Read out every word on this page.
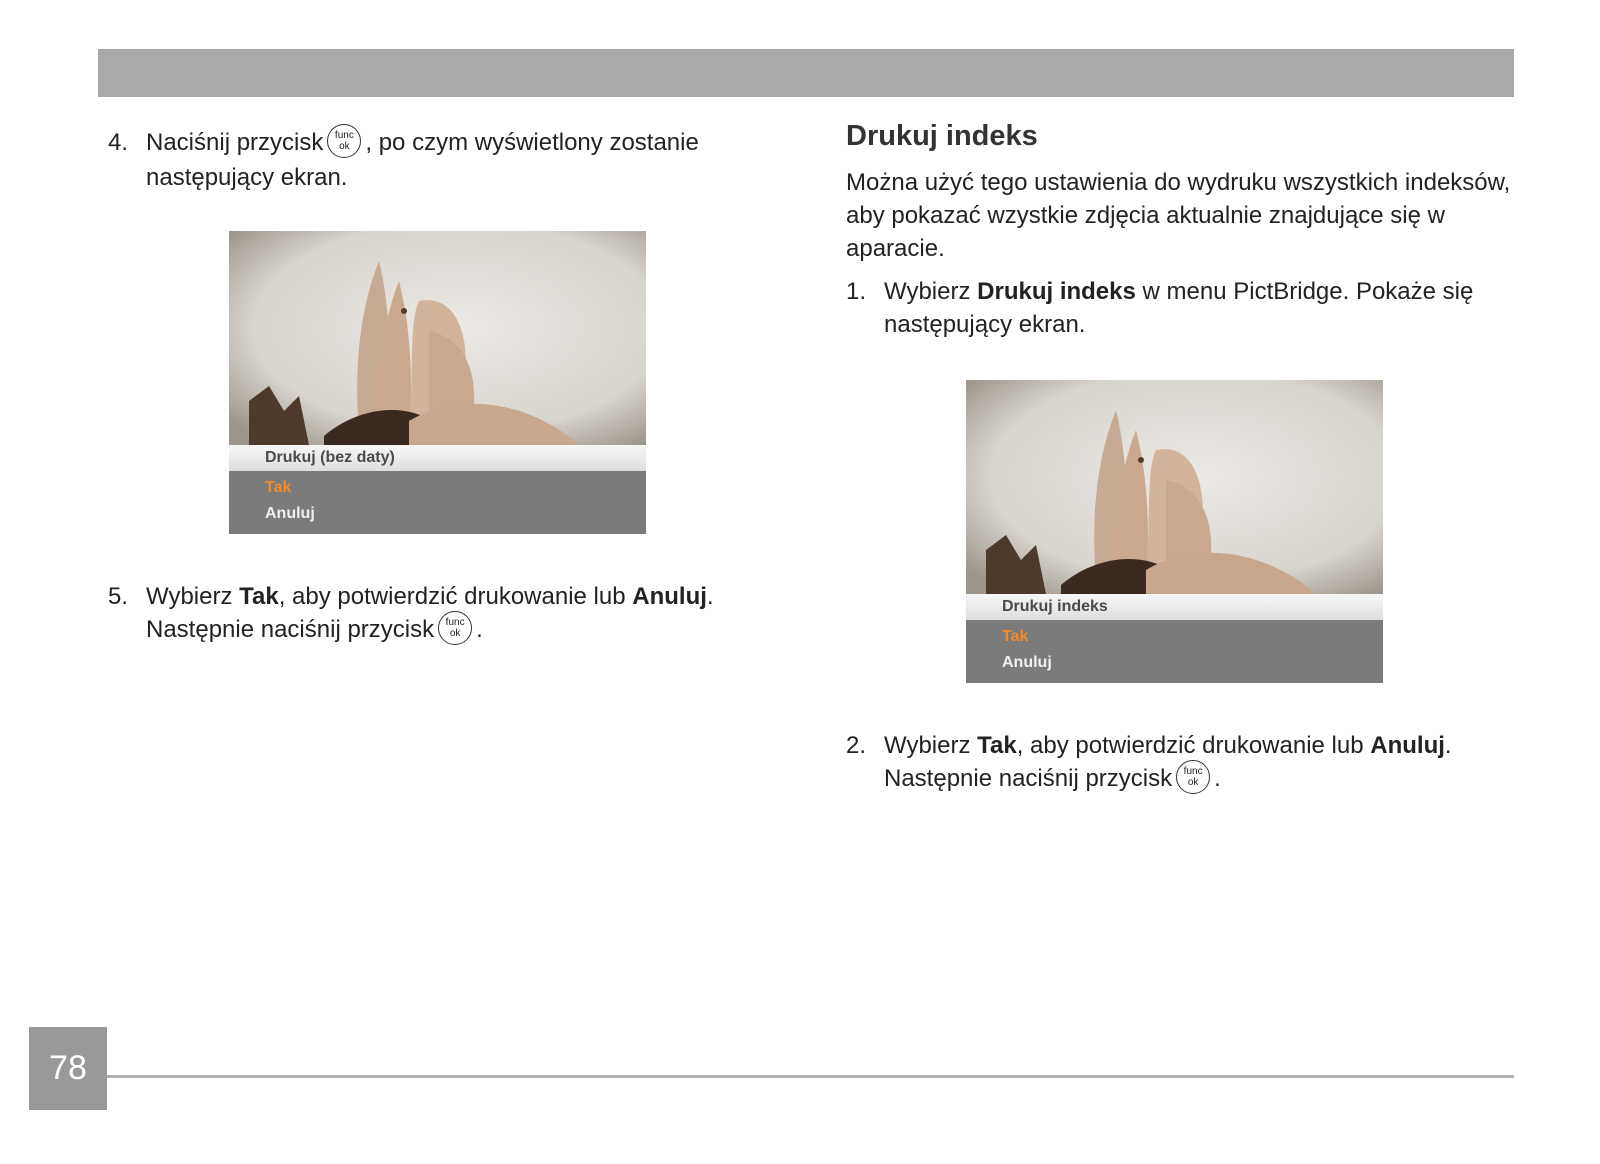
4. Naciśnij przycisk func
ok , po czym wyświetlony zostanie
następujący ekran.
Drukuj (bez daty)
Tak
Anuluj
5. Wybierz Tak, aby potwierdzić drukowanie lub Anuluj.
Następnie naciśnij przycisk func
ok .
Drukuj indeks
Można użyć tego ustawienia do wydruku wszystkich indeksów,
aby pokazać wzystkie zdjęcia aktualnie znajdujące się w
aparacie.
1. Wybierz Drukuj indeks w menu PictBridge. Pokaże się
następujący ekran.
Drukuj indeks
Tak
Anuluj
2. Wybierz Tak, aby potwierdzić drukowanie lub Anuluj.
Następnie naciśnij przycisk func
ok .
78
